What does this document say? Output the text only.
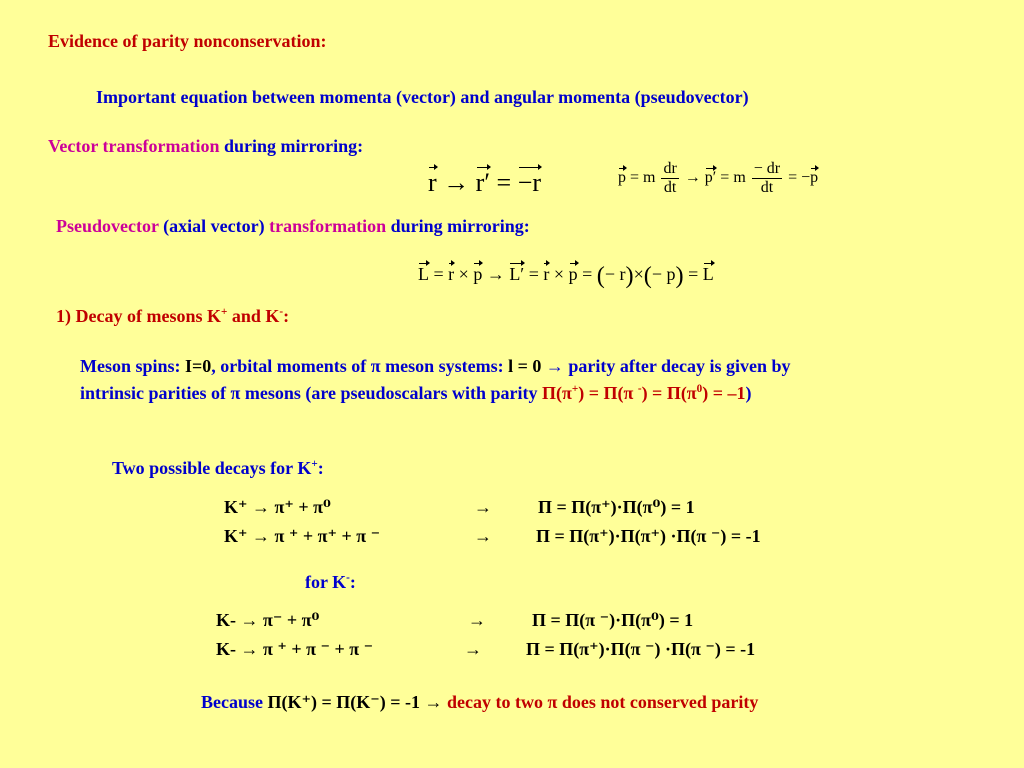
Evidence of parity nonconservation:
Important equation between momenta (vector) and angular momenta (pseudovector)
Vector transformation during mirroring:
r → r′ = −r	p = m $\frac{dr}{dt} \to p' = m \frac{- dr}{dt} = -p$
Pseudovector (axial vector) transformation during mirroring:
L = r × p → L′ = r × p = (− r)×(− p) = L
1) Decay of mesons K+ and K-:
Meson spins: I=0, orbital moments of π meson systems: l = 0 → parity after decay is given by
intrinsic parities of π mesons (are pseudoscalars with parity Π(π+) = Π(π $^-) = \Pi(\pi^0) = -1$)
Two possible decays for K+:
K⁺ → π⁺ + π⁰	→	Π = Π(π⁺)·Π(π⁰) = 1
K⁺ → π ⁺ + π⁺ + π ⁻	→ Π = Π(π⁺)·Π(π⁺) ·Π(π ⁻) = -1
for K-:
K- → π⁻ + π⁰	→	Π = Π(π ⁻)·Π(π⁰) = 1
K- → π ⁺ + π ⁻ + π ⁻	→ Π = Π(π⁺)·Π(π ⁻) ·Π(π ⁻) = -1
Because Π(K⁺) = Π(K⁻) = -1 → decay to two π does not conserved parity
